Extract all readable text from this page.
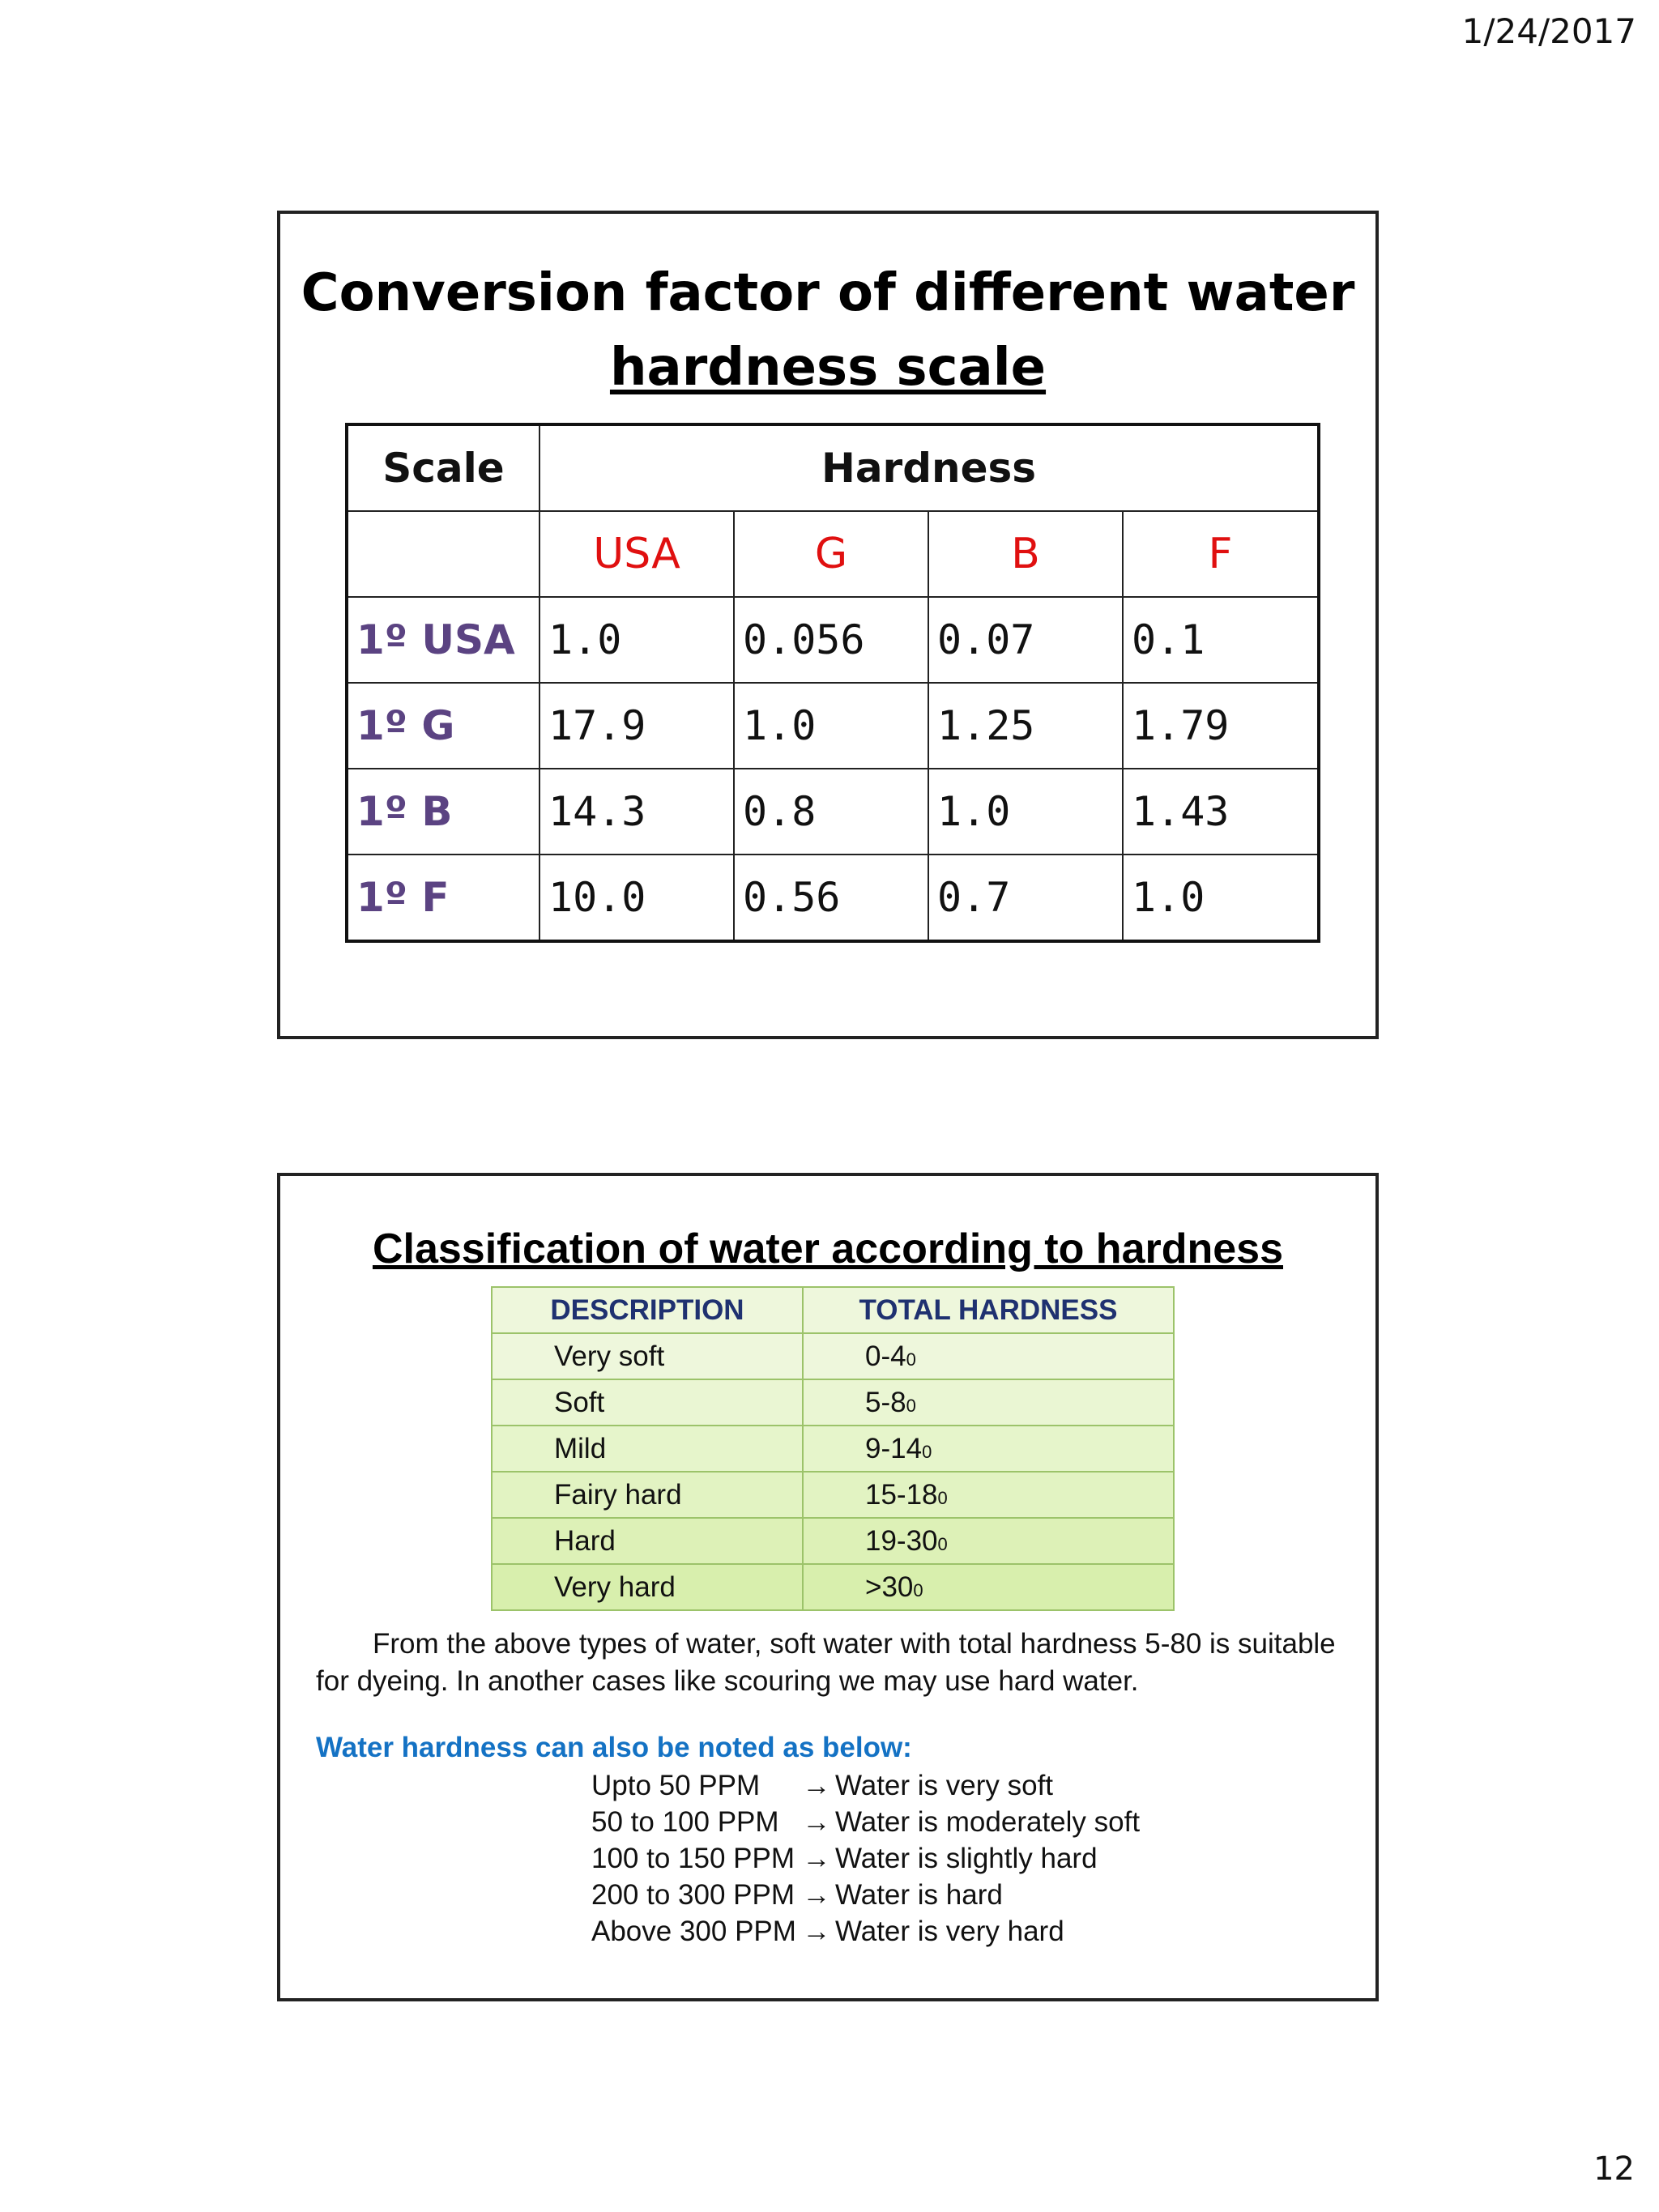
1/24/2017
Conversion factor of different water
hardness scale
Scale	Hardness			
	USA	G	B	F
1º USA	1.0	0.056	0.07	0.1
1º G	17.9	1.0	1.25	1.79
1º B	14.3	0.8	1.0	1.43
1º F	10.0	0.56	0.7	1.0
Classification of water according to hardness
DESCRIPTION	TOTAL HARDNESS
Very soft	0-40
Soft	5-80
Mild	9-140
Fairy hard	15-180
Hard	19-300
Very hard	>300
From the above types of water, soft water with total hardness 5-80 is suitable for dyeing. In another cases like scouring we may use hard water.
Water hardness can also be noted as below:
Upto 50 PPM	→ Water is very soft
50 to 100 PPM → Water is moderately soft
100 to 150 PPM → Water is slightly hard
200 to 300 PPM → Water is hard
Above 300 PPM → Water is very hard
12
